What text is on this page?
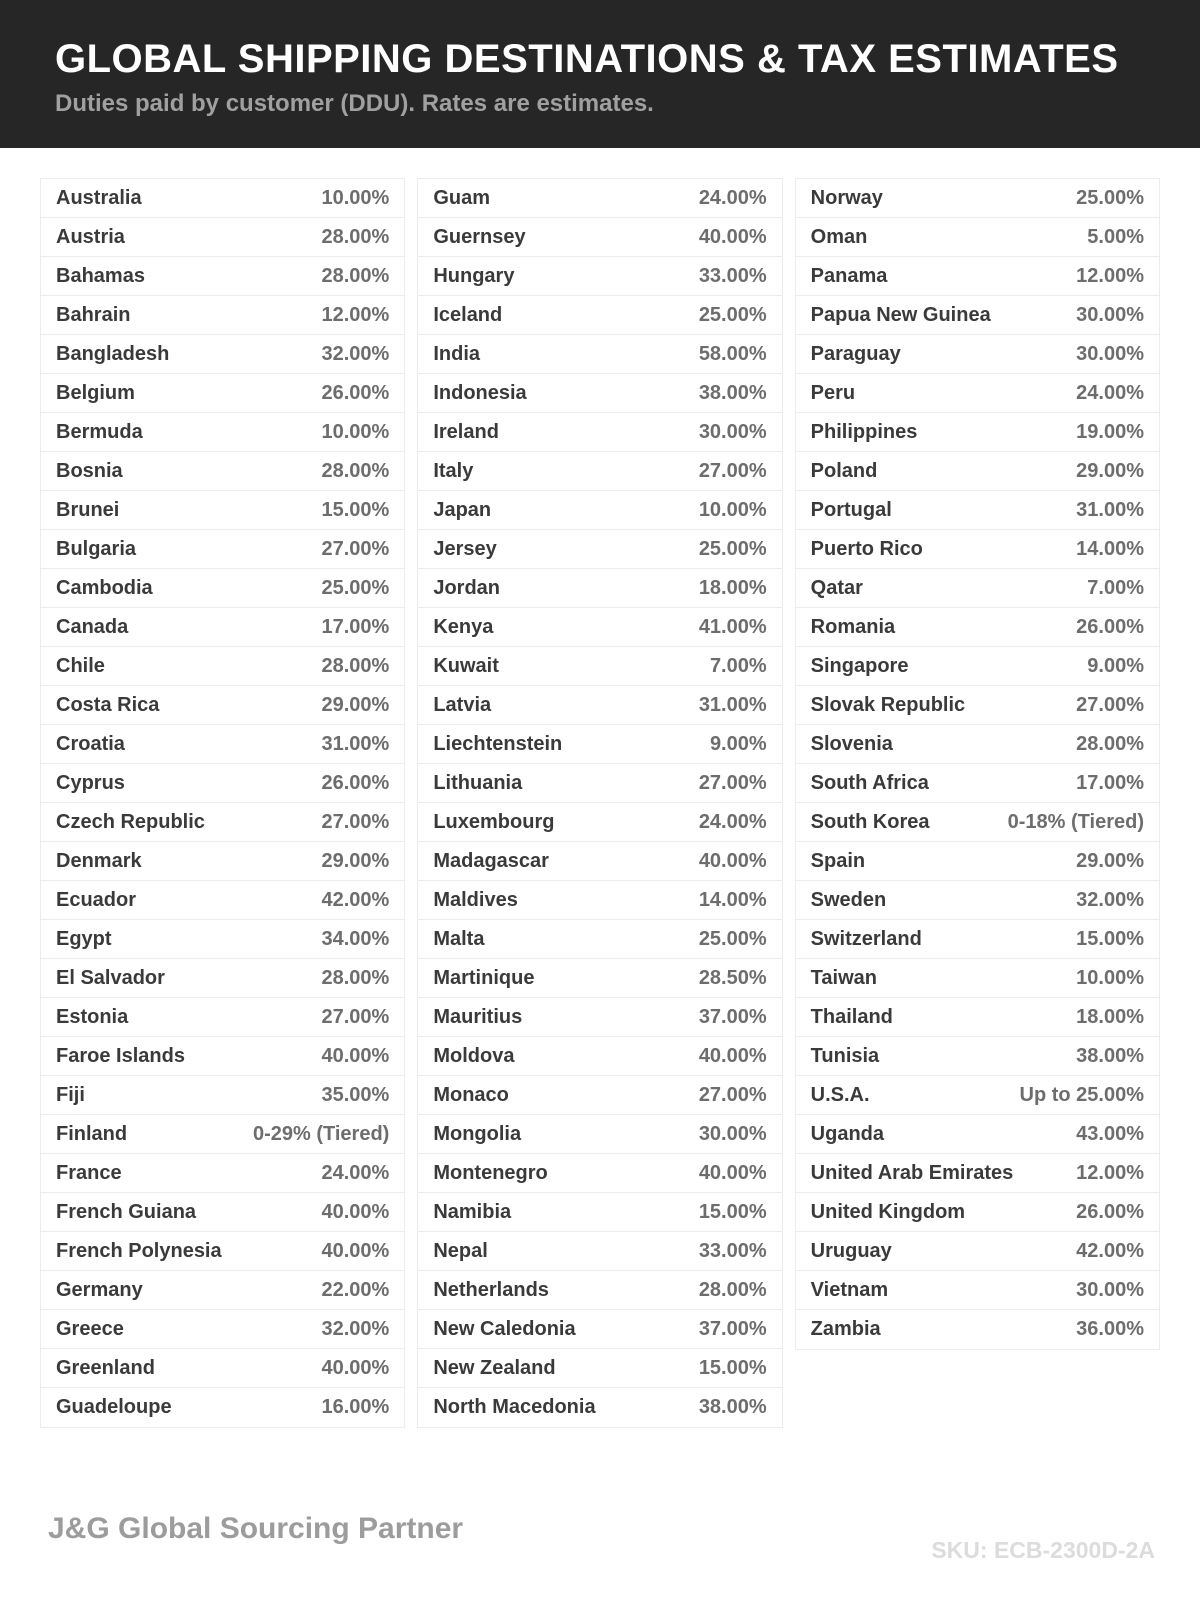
GLOBAL SHIPPING DESTINATIONS & TAX ESTIMATES
Duties paid by customer (DDU). Rates are estimates.
Australia	10.00%
Austria	28.00%
Bahamas	28.00%
Bahrain	12.00%
Bangladesh	32.00%
Belgium	26.00%
Bermuda	10.00%
Bosnia	28.00%
Brunei	15.00%
Bulgaria	27.00%
Cambodia	25.00%
Canada	17.00%
Chile	28.00%
Costa Rica	29.00%
Croatia	31.00%
Cyprus	26.00%
Czech Republic	27.00%
Denmark	29.00%
Ecuador	42.00%
Egypt	34.00%
El Salvador	28.00%
Estonia	27.00%
Faroe Islands	40.00%
Fiji	35.00%
Finland	0-29% (Tiered)
France	24.00%
French Guiana	40.00%
French Polynesia	40.00%
Germany	22.00%
Greece	32.00%
Greenland	40.00%
Guadeloupe	16.00%
Guam	24.00%
Guernsey	40.00%
Hungary	33.00%
Iceland	25.00%
India	58.00%
Indonesia	38.00%
Ireland	30.00%
Italy	27.00%
Japan	10.00%
Jersey	25.00%
Jordan	18.00%
Kenya	41.00%
Kuwait	7.00%
Latvia	31.00%
Liechtenstein	9.00%
Lithuania	27.00%
Luxembourg	24.00%
Madagascar	40.00%
Maldives	14.00%
Malta	25.00%
Martinique	28.50%
Mauritius	37.00%
Moldova	40.00%
Monaco	27.00%
Mongolia	30.00%
Montenegro	40.00%
Namibia	15.00%
Nepal	33.00%
Netherlands	28.00%
New Caledonia	37.00%
New Zealand	15.00%
North Macedonia	38.00%
Norway	25.00%
Oman	5.00%
Panama	12.00%
Papua New Guinea	30.00%
Paraguay	30.00%
Peru	24.00%
Philippines	19.00%
Poland	29.00%
Portugal	31.00%
Puerto Rico	14.00%
Qatar	7.00%
Romania	26.00%
Singapore	9.00%
Slovak Republic	27.00%
Slovenia	28.00%
South Africa	17.00%
South Korea	0-18% (Tiered)
Spain	29.00%
Sweden	32.00%
Switzerland	15.00%
Taiwan	10.00%
Thailand	18.00%
Tunisia	38.00%
U.S.A.	Up to 25.00%
Uganda	43.00%
United Arab Emirates	12.00%
United Kingdom	26.00%
Uruguay	42.00%
Vietnam	30.00%
Zambia	36.00%
J&G Global Sourcing Partner
SKU: ECB-2300D-2A
